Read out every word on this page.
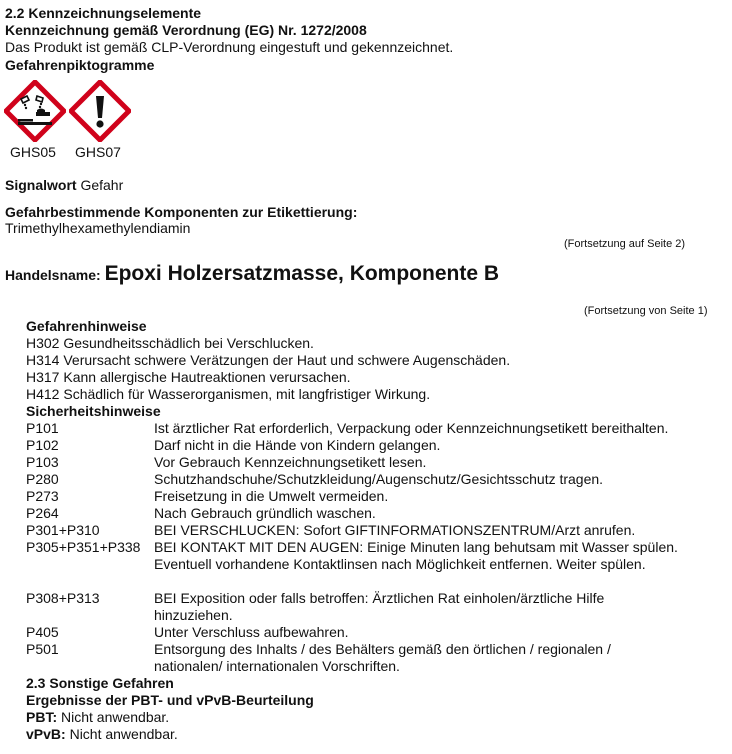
2.2 Kennzeichnungselemente
Kennzeichnung gemäß Verordnung (EG) Nr. 1272/2008
Das Produkt ist gemäß CLP-Verordnung eingestuft und gekennzeichnet.
Gefahrenpiktogramme
GHS05 GHS07
Signalwort Gefahr
Gefahrbestimmende Komponenten zur Etikettierung:
Trimethylhexamethylendiamin
(Fortsetzung auf Seite 2)
Handelsname: Epoxi Holzersatzmasse, Komponente B
(Fortsetzung von Seite 1)
Gefahrenhinweise
H302 Gesundheitsschädlich bei Verschlucken.
H314 Verursacht schwere Verätzungen der Haut und schwere Augenschäden.
H317 Kann allergische Hautreaktionen verursachen.
H412 Schädlich für Wasserorganismen, mit langfristiger Wirkung.
Sicherheitshinweise
P101	Ist ärztlicher Rat erforderlich, Verpackung oder Kennzeichnungsetikett bereithalten.
P102	Darf nicht in die Hände von Kindern gelangen.
P103	Vor Gebrauch Kennzeichnungsetikett lesen.
P280	Schutzhandschuhe/Schutzkleidung/Augenschutz/Gesichtsschutz tragen.
P273	Freisetzung in die Umwelt vermeiden.
P264	Nach Gebrauch gründlich waschen.
P301+P310	BEI VERSCHLUCKEN: Sofort GIFTINFORMATIONSZENTRUM/Arzt anrufen.
P305+P351+P338 BEI KONTAKT MIT DEN AUGEN: Einige Minuten lang behutsam mit Wasser spülen. Eventuell vorhandene Kontaktlinsen nach Möglichkeit entfernen. Weiter spülen.
P308+P313	BEI Exposition oder falls betroffen: Ärztlichen Rat einholen/ärztliche Hilfe hinzuziehen.
P405	Unter Verschluss aufbewahren.
P501	Entsorgung des Inhalts / des Behälters gemäß den örtlichen / regionalen / nationalen/ internationalen Vorschriften.
2.3 Sonstige Gefahren
Ergebnisse der PBT- und vPvB-Beurteilung
PBT: Nicht anwendbar.
vPvB: Nicht anwendbar.
